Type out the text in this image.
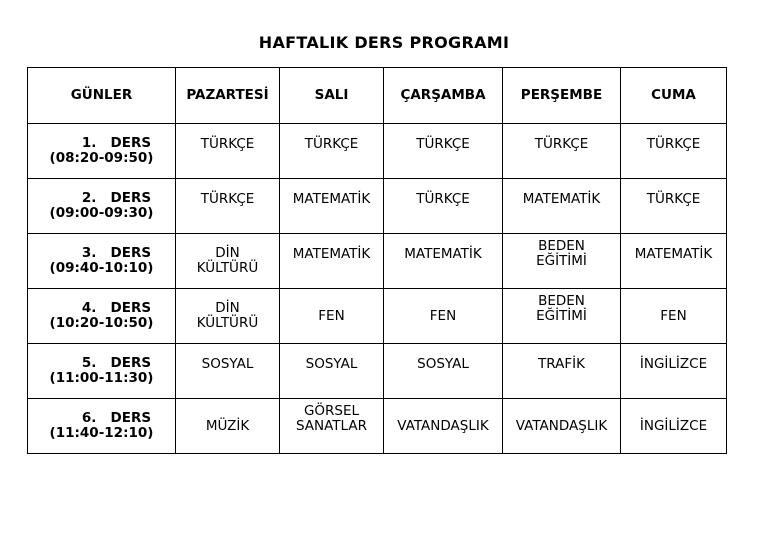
HAFTALIK DERS PROGRAMI
GÜNLER	PAZARTESİ	SALI	ÇARŞAMBA	PERŞEMBE	CUMA

1.   DERS
(08:20-09:50)	TÜRKÇE	TÜRKÇE	TÜRKÇE	TÜRKÇE	TÜRKÇE

2.   DERS
(09:00-09:30)	TÜRKÇE	MATEMATİK	TÜRKÇE	MATEMATİK	TÜRKÇE

3.   DERS
(09:40-10:10)	DİN
KÜLTÜRÜ	MATEMATİK	MATEMATİK	BEDEN
EĞİTİMİ	MATEMATİK

4.   DERS
(10:20-10:50)	DİN
KÜLTÜRÜ	FEN	FEN	BEDEN
EĞİTİMİ	FEN

5.   DERS
(11:00-11:30)	SOSYAL	SOSYAL	SOSYAL	TRAFİK	İNGİLİZCE

6.   DERS
(11:40-12:10)	MÜZİK	GÖRSEL
SANATLAR	VATANDAŞLIK	VATANDAŞLIK	İNGİLİZCE
